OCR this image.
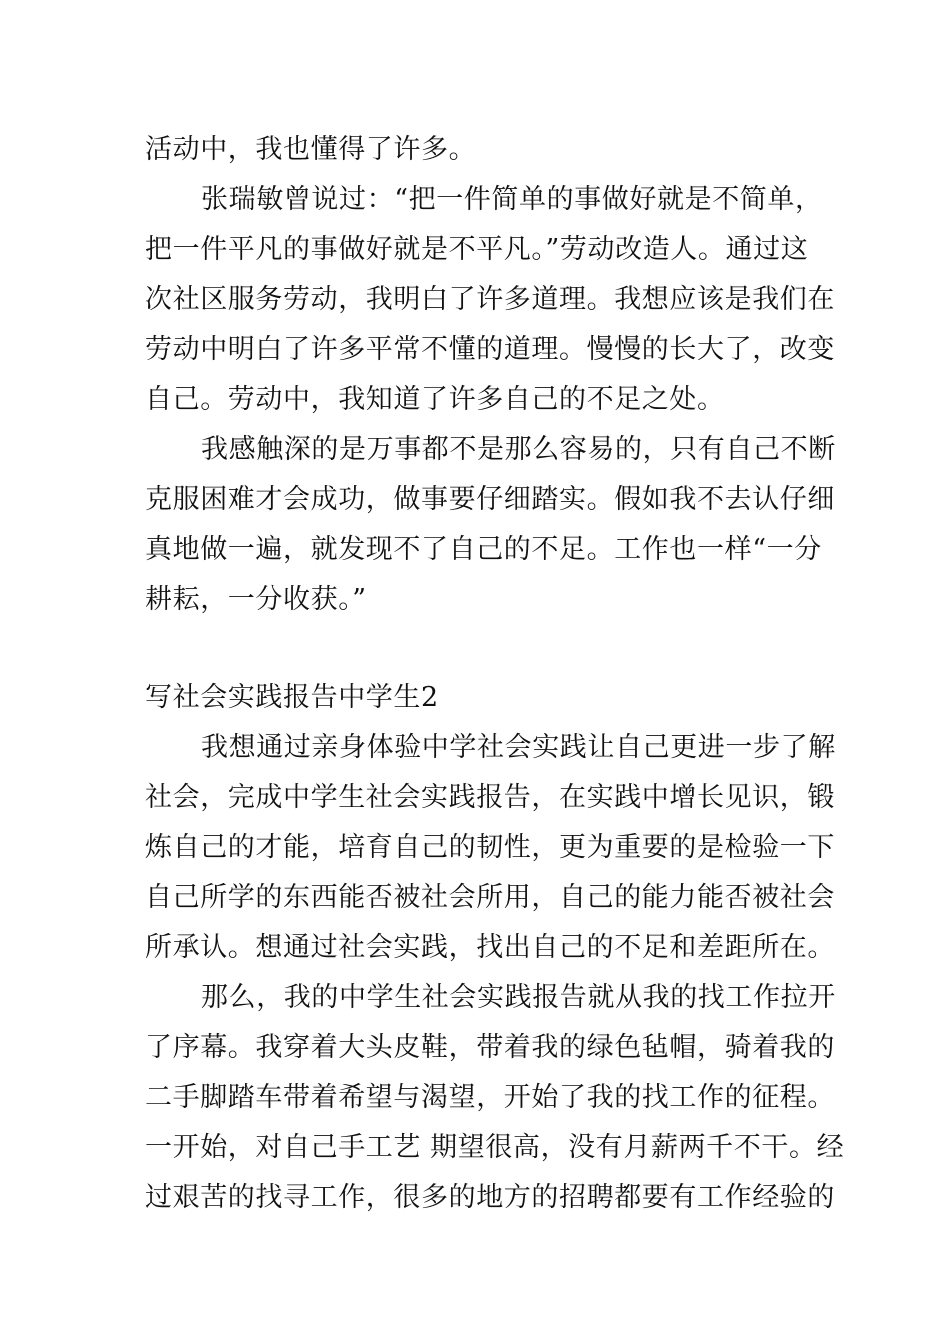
活动中，我也懂得了许多。
张瑞敏曾说过：“把一件简单的事做好就是不简单，
把一件平凡的事做好就是不平凡。”劳动改造人。通过这
次社区服务劳动，我明白了许多道理。我想应该是我们在
劳动中明白了许多平常不懂的道理。慢慢的长大了，改变
自己。劳动中，我知道了许多自己的不足之处。
我感触深的是万事都不是那么容易的，只有自己不断
克服困难才会成功，做事要仔细踏实。假如我不去认仔细
真地做一遍，就发现不了自己的不足。工作也一样“一分
耕耘，一分收获。”
写社会实践报告中学生2
我想通过亲身体验中学社会实践让自己更进一步了解
社会，完成中学生社会实践报告，在实践中增长见识，锻
炼自己的才能，培育自己的韧性，更为重要的是检验一下
自己所学的东西能否被社会所用，自己的能力能否被社会
所承认。想通过社会实践，找出自己的不足和差距所在。
那么，我的中学生社会实践报告就从我的找工作拉开
了序幕。我穿着大头皮鞋，带着我的绿色毡帽，骑着我的
二手脚踏车带着希望与渴望，开始了我的找工作的征程。
一开始，对自己手工艺 期望很高，没有月薪两千不干。经
过艰苦的找寻工作，很多的地方的招聘都要有工作经验的
